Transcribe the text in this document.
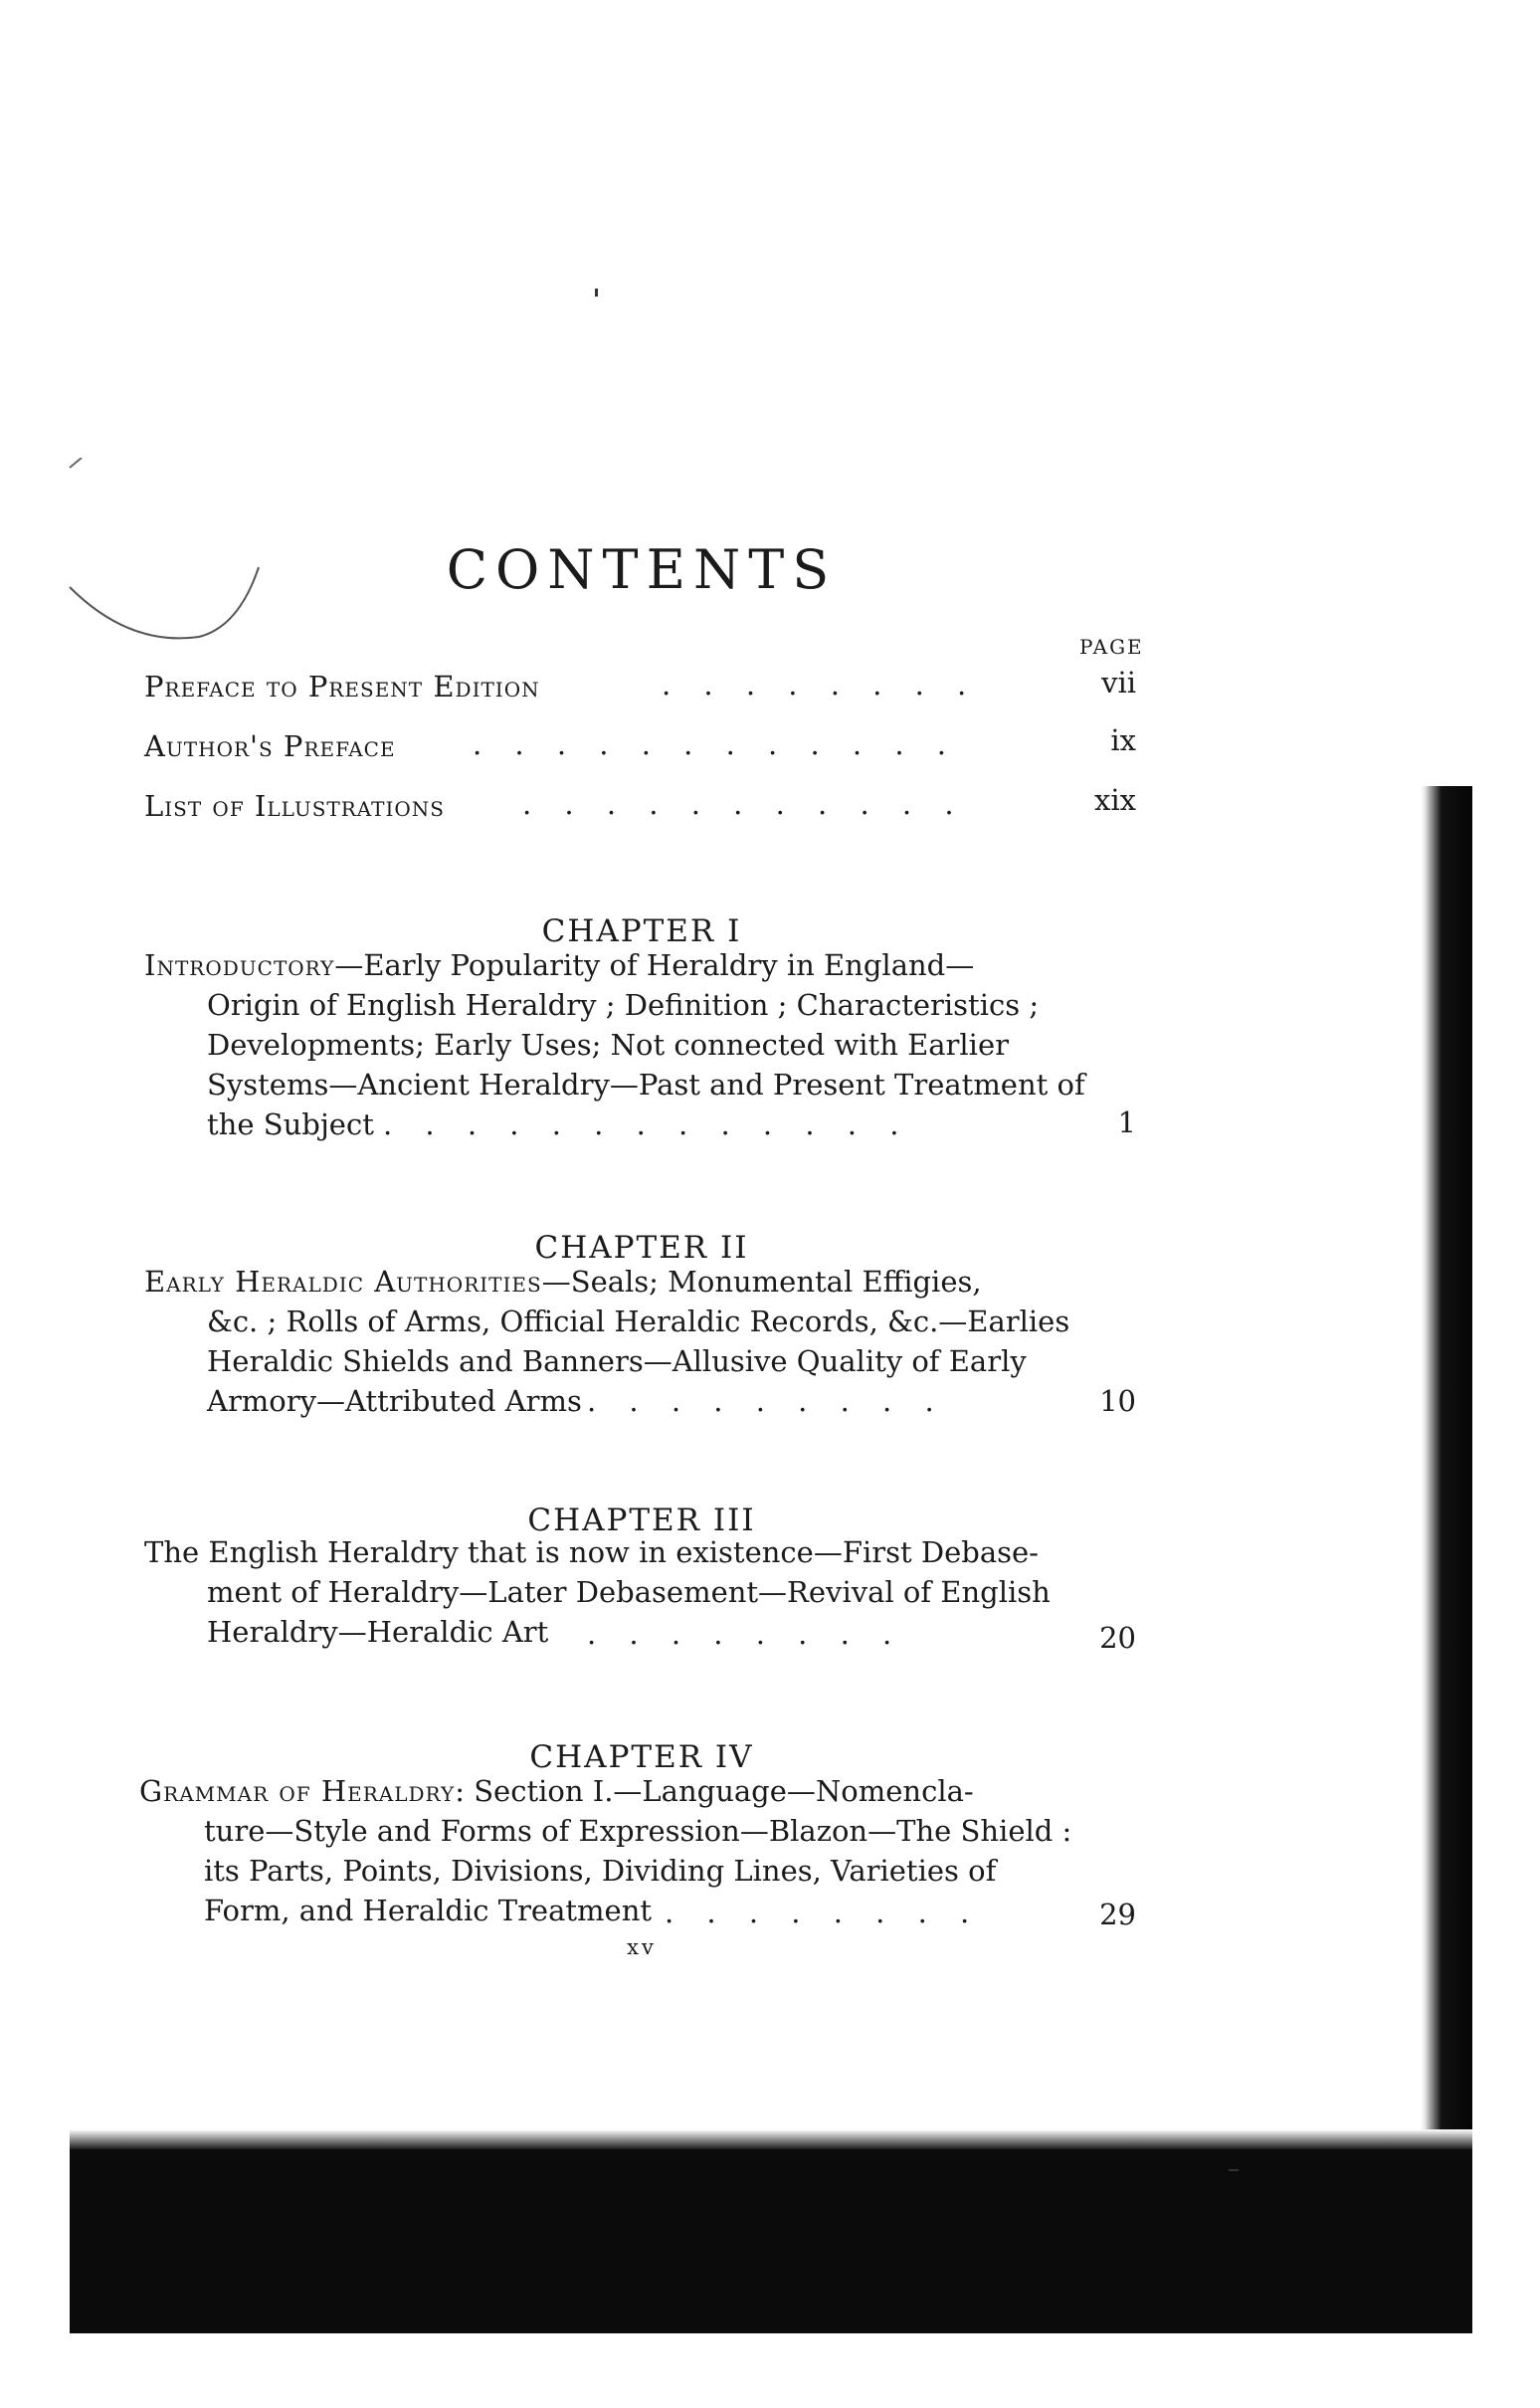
CONTENTS
PAGE
Preface to Present Edition	. . . . . . . .	vii
Author's Preface	. . . . . . . . . . . .	ix
List of Illustrations	. . . . . . . . . . .	xix
CHAPTER I
Introductory—Early Popularity of Heraldry in England—
Origin of English Heraldry ; Definition ; Characteristics ;
Developments; Early Uses; Not connected with Earlier
Systems—Ancient Heraldry—Past and Present Treatment of
the Subject . . . . . . . . . . . . .	1
CHAPTER II
Early Heraldic Authorities—Seals; Monumental Effigies,
&c. ; Rolls of Arms, Official Heraldic Records, &c.—Earlies
Heraldic Shields and Banners—Allusive Quality of Early
Armory—Attributed Arms . . . . . . . . .	10
CHAPTER III
The English Heraldry that is now in existence—First Debase-
ment of Heraldry—Later Debasement—Revival of English
Heraldry—Heraldic Art . . . . . . . .	20
CHAPTER IV
Grammar of Heraldry: Section I.—Language—Nomencla-
ture—Style and Forms of Expression—Blazon—The Shield :
its Parts, Points, Divisions, Dividing Lines, Varieties of
Form, and Heraldic Treatment . . . . . . . .	29
xv
